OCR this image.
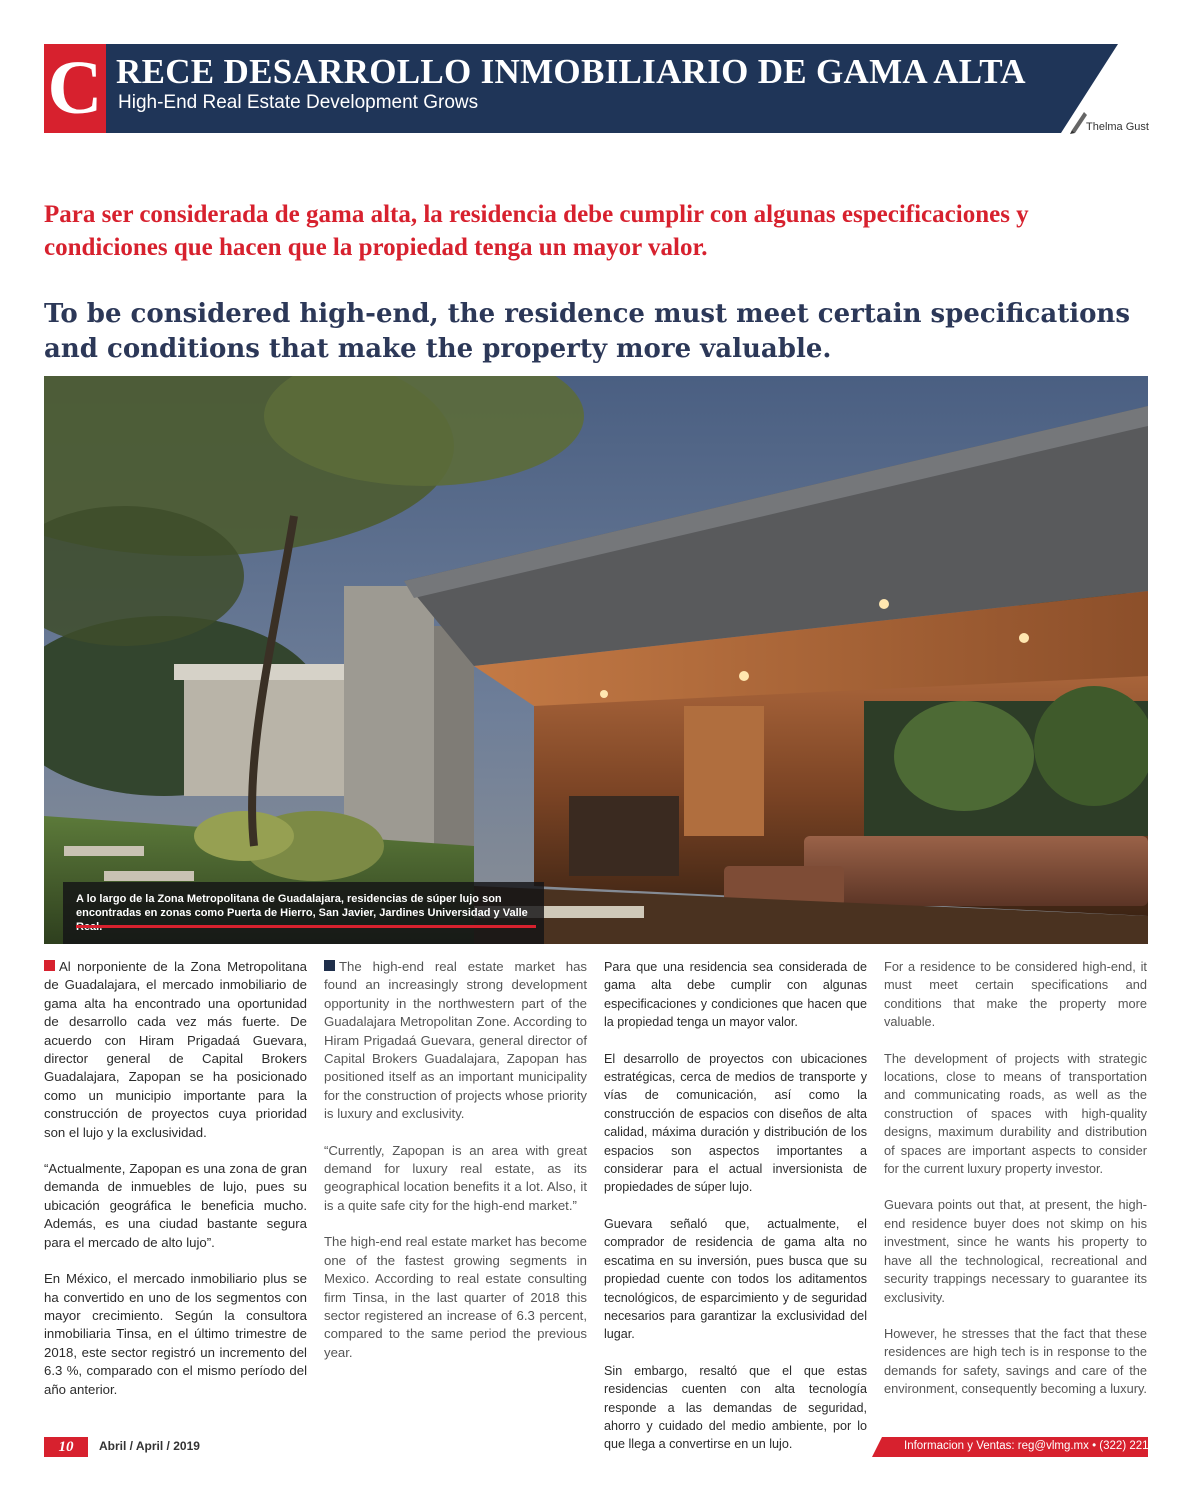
C RECE DESARROLLO INMOBILIARIO DE GAMA ALTA
High-End Real Estate Development Grows
Thelma Gust
Para ser considerada de gama alta, la residencia debe cumplir con algunas especificaciones y condiciones que hacen que la propiedad tenga un mayor valor.
To be considered high-end, the residence must meet certain specifications and conditions that make the property more valuable.
A lo largo de la Zona Metropolitana de Guadalajara, residencias de súper lujo son encontradas en zonas como Puerta de Hierro, San Javier, Jardines Universidad y Valle

Al norponiente de la Zona Metropolitana de Guadalajara, el mercado inmobiliario de gama alta ha encontrado una oportunidad de desarrollo cada vez más fuerte. De acuerdo con Hiram Prigadaá Guevara, director general de Capital Brokers Guadalajara, Zapopan se ha posicionado como un municipio importante para la construcción de proyectos cuya prioridad son el lujo y la exclusividad.

“Actualmente, Zapopan es una zona de gran demanda de inmuebles de lujo, pues su ubicación geográfica le beneficia mucho. Además, es una ciudad bastante segura para el mercado de alto lujo”.

En México, el mercado inmobiliario plus se ha convertido en uno de los segmentos con mayor crecimiento. Según la consultora inmobiliaria Tinsa, en el último trimestre de 2018, este sector registró un incremento del 6.3 %, comparado con el mismo período del año anterior.

The high-end real estate market has found an increasingly strong development opportunity in the northwestern part of the Guadalajara Metropolitan Zone. According to Hiram Prigadaá Guevara, general director of Capital Brokers Guadalajara, Zapopan has positioned itself as an important municipality for the construction of projects whose priority is luxury and exclusivity.

“Currently, Zapopan is an area with great demand for luxury real estate, as its geographical location benefits it a lot. Also, it is a quite safe city for the high-end market.”

The high-end real estate market has become one of the fastest growing segments in Mexico. According to real estate consulting firm Tinsa, in the last quarter of 2018 this sector registered an increase of 6.3 percent, compared to the same period the previous year.

Para que una residencia sea considerada de gama alta debe cumplir con algunas especificaciones y condiciones que hacen que la propiedad tenga un mayor valor.

El desarrollo de proyectos con ubicaciones estratégicas, cerca de medios de transporte y vías de comunicación, así como la construcción de espacios con diseños de alta calidad, máxima duración y distribución de los espacios son aspectos importantes a considerar para el actual inversionista de propiedades de súper lujo.

Guevara señaló que, actualmente, el comprador de residencia de gama alta no escatima en su inversión, pues busca que su propiedad cuente con todos los aditamentos tecnológicos, de esparcimiento y de seguridad necesarios para garantizar la exclusividad del lugar.

Sin embargo, resaltó que el que estas residencias cuenten con alta tecnología responde a las demandas de seguridad, ahorro y cuidado del medio ambiente, por lo que llega a convertirse en un lujo.

For a residence to be considered high-end, it must meet certain specifications and conditions that make the property more valuable.

The development of projects with strategic locations, close to means of transportation and communicating roads, as well as the construction of spaces with high-quality designs, maximum durability and distribution of spaces are important aspects to consider for the current luxury property investor.

Guevara points out that, at present, the high-end residence buyer does not skimp on his investment, since he wants his property to have all the technological, recreational and security trappings necessary to guarantee its exclusivity.

However, he stresses that the fact that these residences are high tech is in response to the demands for safety, savings and care of the environment, consequently becoming a luxury.

10	Abril / April / 2019	Informacion y Ventas: reg@vlmg.mx • (322) 221 0106
